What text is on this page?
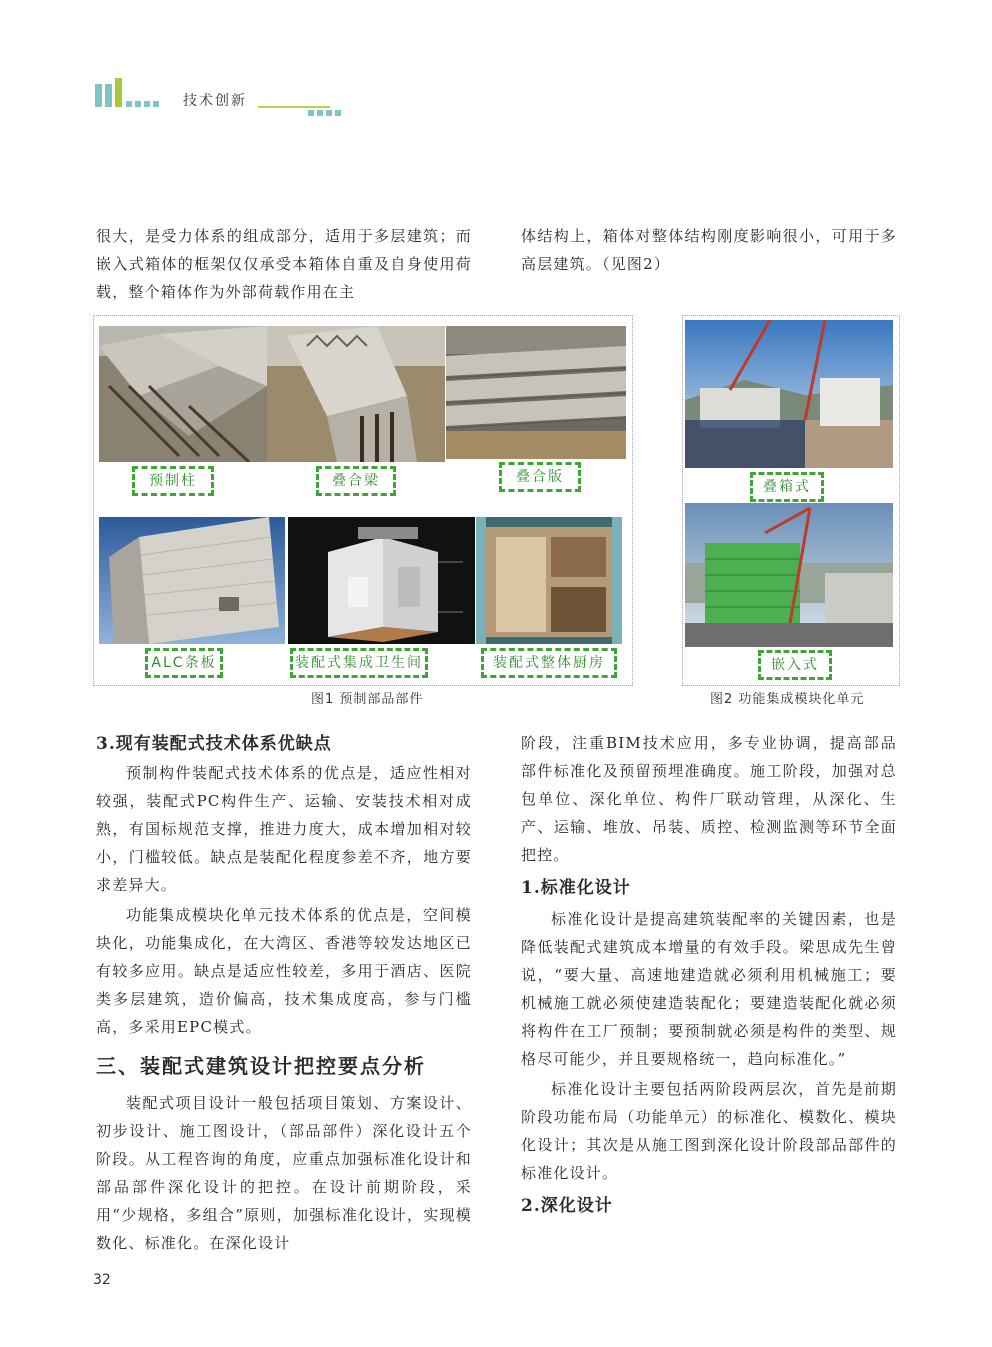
技术创新

很大，是受力体系的组成部分，适用于多层建筑；而嵌入式箱体的框架仅仅承受本箱体自重及自身使用荷载，整个箱体作为外部荷载作用在主

体结构上，箱体对整体结构刚度影响很小，可用于多高层建筑。（见图2）

预制柱	叠合梁	叠合版
ALC条板	装配式集成卫生间	装配式整体厨房
图1 预制部品部件
叠箱式
嵌入式
图2 功能集成模块化单元

3.现有装配式技术体系优缺点

预制构件装配式技术体系的优点是，适应性相对较强，装配式PC构件生产、运输、安装技术相对成熟，有国标规范支撑，推进力度大，成本增加相对较小，门槛较低。缺点是装配化程度参差不齐，地方要求差异大。

功能集成模块化单元技术体系的优点是，空间模块化，功能集成化，在大湾区、香港等较发达地区已有较多应用。缺点是适应性较差，多用于酒店、医院类多层建筑，造价偏高，技术集成度高，参与门槛高，多采用EPC模式。

三、装配式建筑设计把控要点分析

装配式项目设计一般包括项目策划、方案设计、初步设计、施工图设计，（部品部件）深化设计五个阶段。从工程咨询的角度，应重点加强标准化设计和部品部件深化设计的把控。在设计前期阶段，采用“少规格，多组合”原则，加强标准化设计，实现模数化、标准化。在深化设计

阶段，注重BIM技术应用，多专业协调，提高部品部件标准化及预留预埋准确度。施工阶段，加强对总包单位、深化单位、构件厂联动管理，从深化、生产、运输、堆放、吊装、质控、检测监测等环节全面把控。

1.标准化设计

标准化设计是提高建筑装配率的关键因素，也是降低装配式建筑成本增量的有效手段。梁思成先生曾说，“要大量、高速地建造就必须利用机械施工；要机械施工就必须使建造装配化；要建造装配化就必须将构件在工厂预制；要预制就必须是构件的类型、规格尽可能少，并且要规格统一，趋向标准化。”

标准化设计主要包括两阶段两层次，首先是前期阶段功能布局（功能单元）的标准化、模数化、模块化设计；其次是从施工图到深化设计阶段部品部件的标准化设计。

2.深化设计

32
